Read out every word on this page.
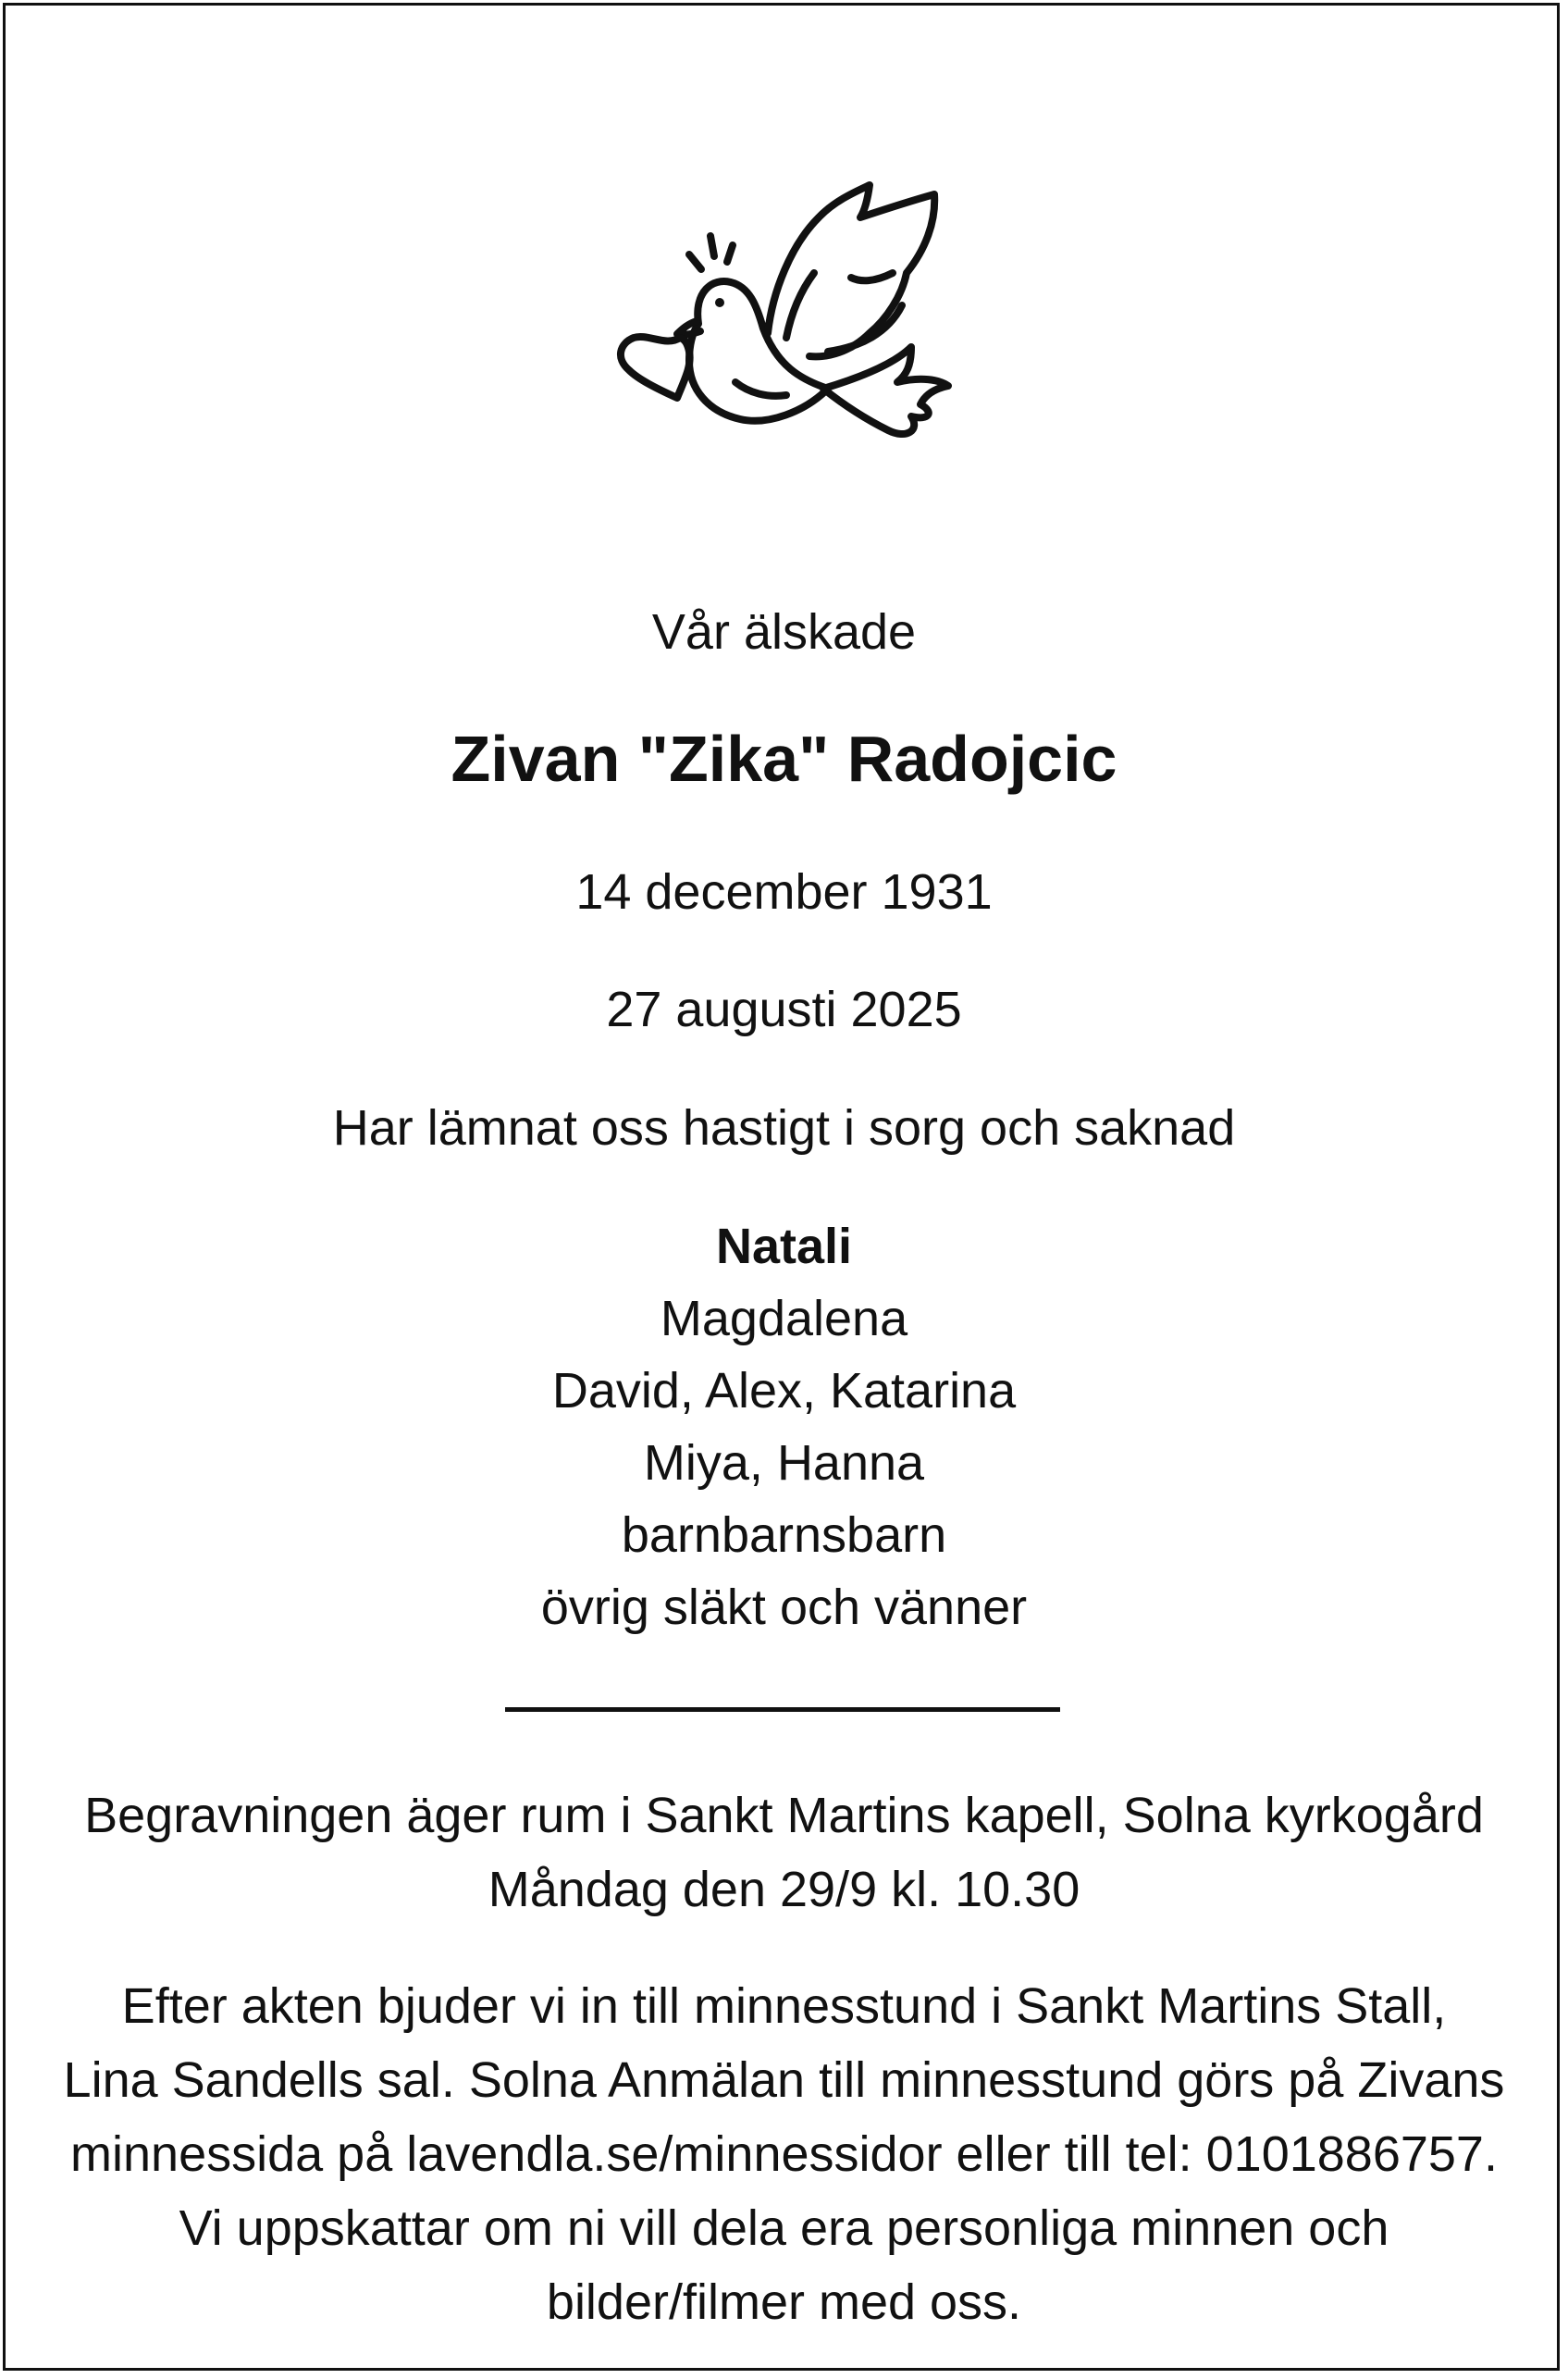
Vår älskade
Zivan "Zika" Radojcic
14 december 1931
27 augusti 2025
Har lämnat oss hastigt i sorg och saknad
Natali
Magdalena
David, Alex, Katarina
Miya, Hanna
barnbarnsbarn
övrig släkt och vänner
Begravningen äger rum i Sankt Martins kapell, Solna kyrkogård
Måndag den 29/9 kl. 10.30
Efter akten bjuder vi in till minnesstund i Sankt Martins Stall,
Lina Sandells sal. Solna Anmälan till minnesstund görs på Zivans
minnessida på lavendla.se/minnessidor eller till tel: 0101886757.
Vi uppskattar om ni vill dela era personliga minnen och
bilder/filmer med oss.
